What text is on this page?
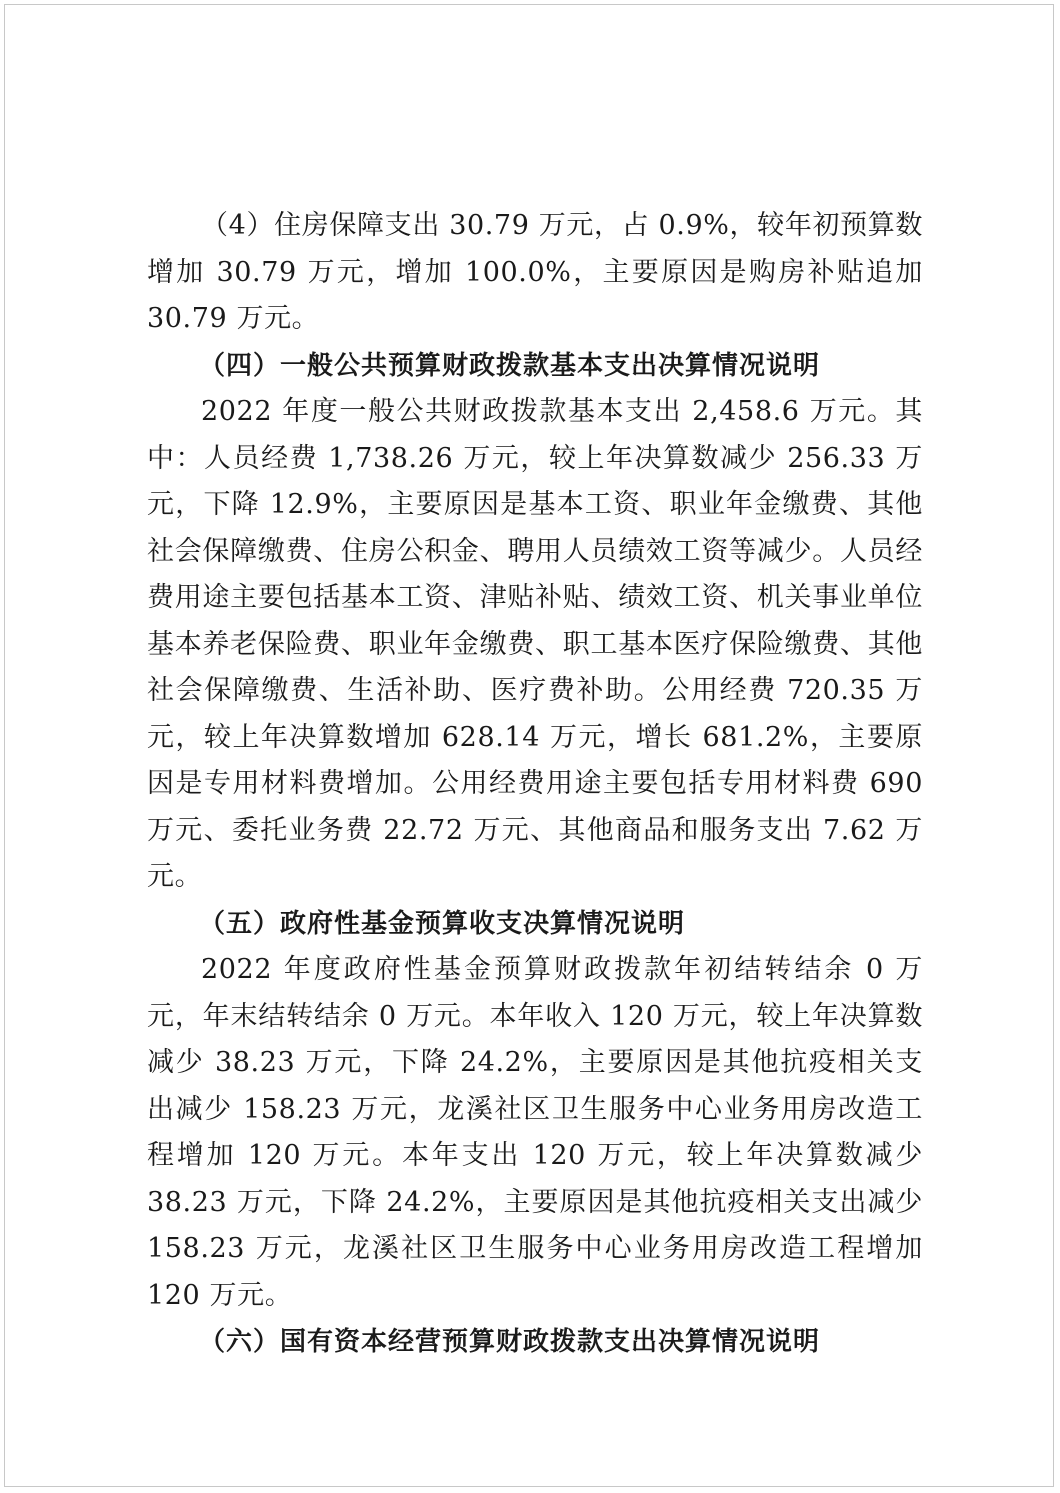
（4）住房保障支出 30.79 万元，占 0.9%，较年初预算数增加 30.79 万元，增加 100.0%，主要原因是购房补贴追加 30.79 万元。

（四）一般公共预算财政拨款基本支出决算情况说明

2022 年度一般公共财政拨款基本支出 2,458.6 万元。其中：人员经费 1,738.26 万元，较上年决算数减少 256.33 万元，下降 12.9%，主要原因是基本工资、职业年金缴费、其他社会保障缴费、住房公积金、聘用人员绩效工资等减少。人员经费用途主要包括基本工资、津贴补贴、绩效工资、机关事业单位基本养老保险费、职业年金缴费、职工基本医疗保险缴费、其他社会保障缴费、生活补助、医疗费补助。公用经费 720.35 万元，较上年决算数增加 628.14 万元，增长 681.2%，主要原因是专用材料费增加。公用经费用途主要包括专用材料费 690 万元、委托业务费 22.72 万元、其他商品和服务支出 7.62 万元。

（五）政府性基金预算收支决算情况说明

2022 年度政府性基金预算财政拨款年初结转结余 0 万元，年末结转结余 0 万元。本年收入 120 万元，较上年决算数减少 38.23 万元，下降 24.2%，主要原因是其他抗疫相关支出减少 158.23 万元，龙溪社区卫生服务中心业务用房改造工程增加 120 万元。本年支出 120 万元，较上年决算数减少 38.23 万元，下降 24.2%，主要原因是其他抗疫相关支出减少 158.23 万元，龙溪社区卫生服务中心业务用房改造工程增加 120 万元。

（六）国有资本经营预算财政拨款支出决算情况说明
